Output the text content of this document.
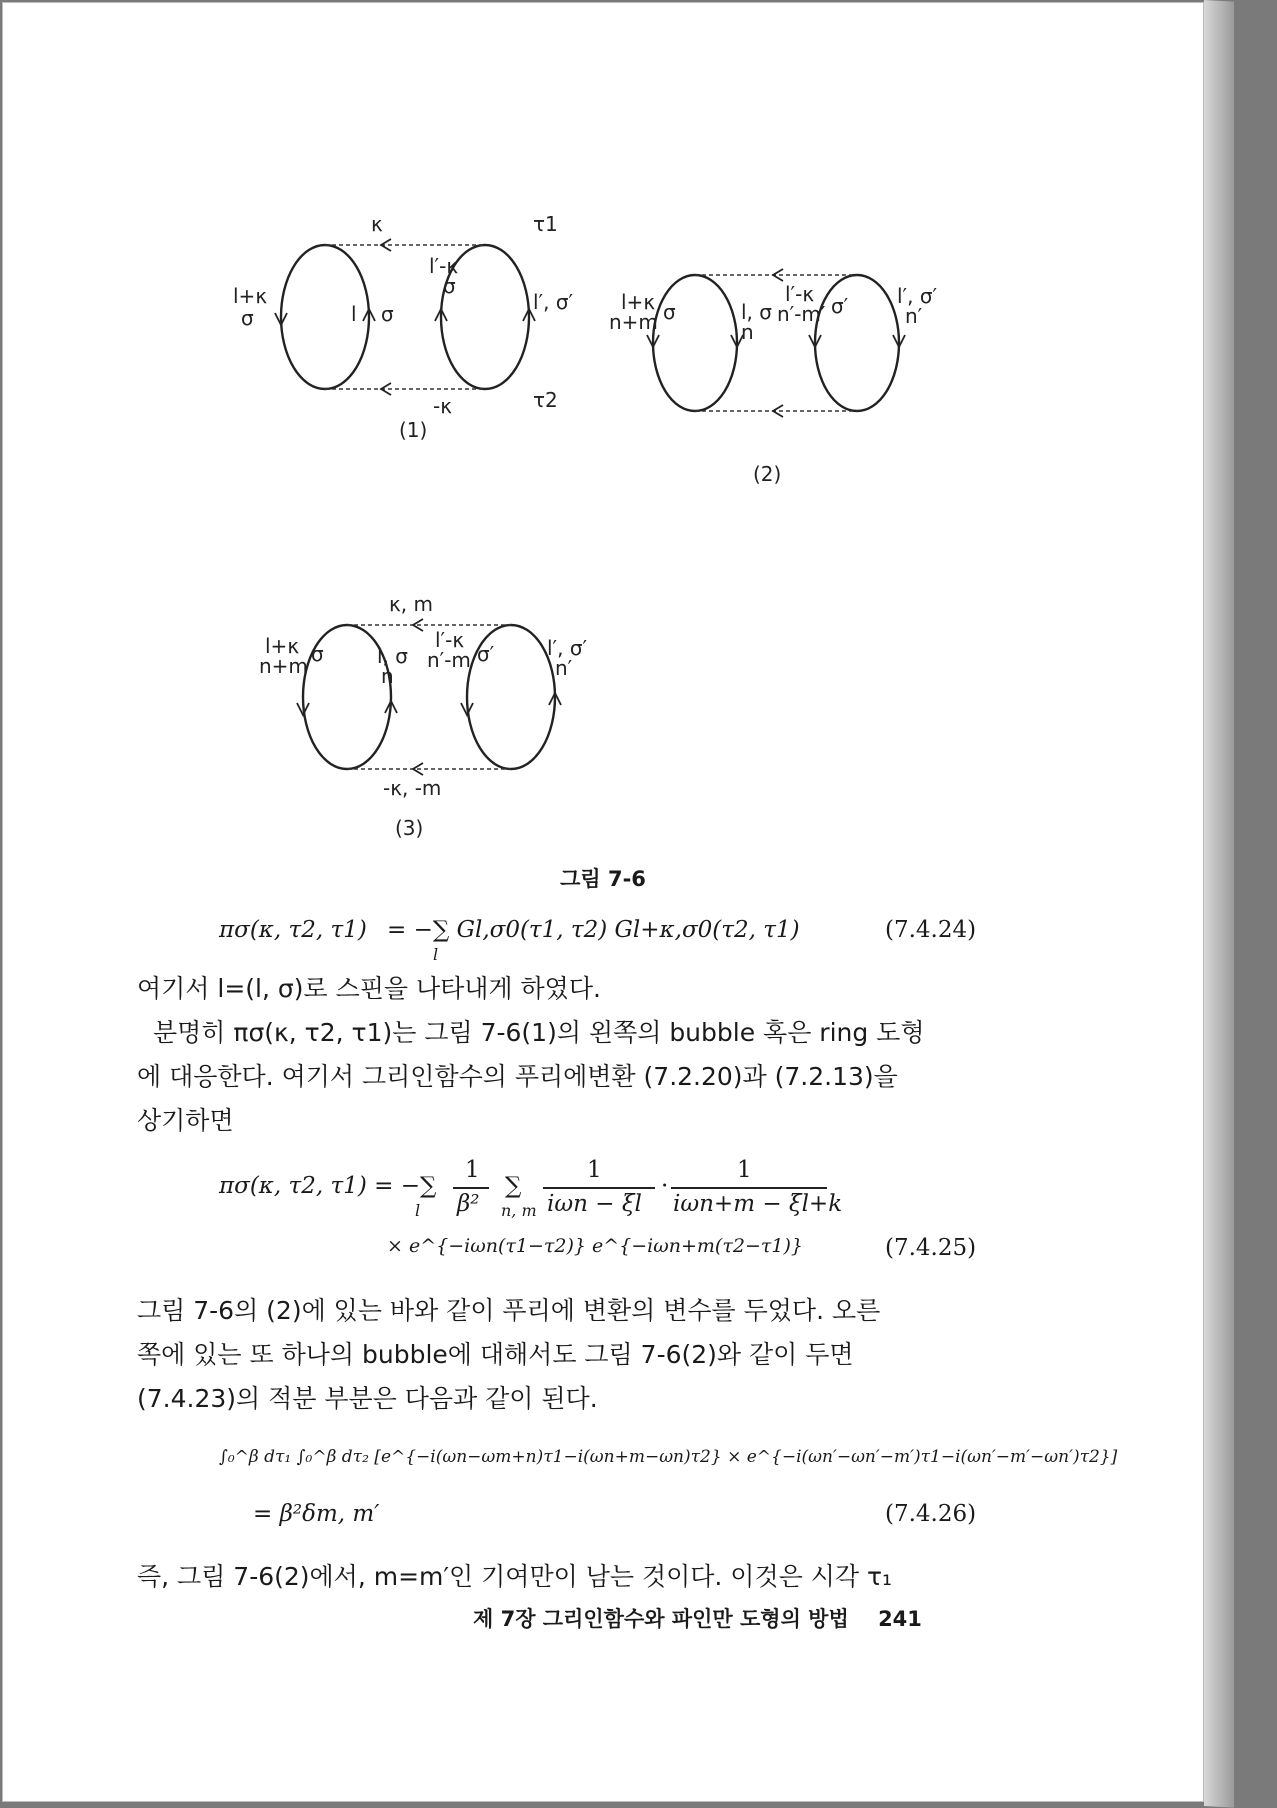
κ	τ1
l+κ
σ	l σ
l′-κ
σ
l′, σ′
-κ	τ2
(1)
l+κ
n+m σ	l, σ
n
l′-κ
n′-m′ σ′ l′, σ′
n′
(2)
κ, m
l+κ
n+m σ	l, σ
n
l′-κ
n′-m σ′	l′, σ′
n′
-κ, -m
(3)
그림 7-6
πσ(κ, τ2, τ1) = −∑ Gl,σ0(τ1, τ2) Gl+κ,σ0(τ2, τ1)
l
(7.4.24)
여기서 l=(l, σ)로 스핀을 나타내게 하였다.
분명히 πσ(κ, τ2, τ1)는 그림 7-6(1)의 왼쪽의 bubble 혹은 ring 도형
에 대응한다. 여기서 그리인함수의 푸리에변환 (7.2.20)과 (7.2.13)을
상기하면
πσ(κ, τ2, τ1) = −∑
l
1
β²
∑
n, m
1
iωn − ξl
·
1
iωn+m − ξl+k
× e^{−iωn(τ1−τ2)} e^{−iωn+m(τ2−τ1)}	(7.4.25)
그림 7-6의 (2)에 있는 바와 같이 푸리에 변환의 변수를 두었다. 오른
쪽에 있는 또 하나의 bubble에 대해서도 그림 7-6(2)와 같이 두면
(7.4.23)의 적분 부분은 다음과 같이 된다.
∫₀^β dτ₁ ∫₀^β dτ₂ [e^{−i(ωn−ωm+n)τ1−i(ωn+m−ωn)τ2} × e^{−i(ωn′−ωn′−m′)τ1−i(ωn′−m′−ωn′)τ2}]
= β²δm, m′	(7.4.26)
즉, 그림 7-6(2)에서, m=m′인 기여만이 남는 것이다. 이것은 시각 τ₁
제 7장 그리인함수와 파인만 도형의 방법 241
